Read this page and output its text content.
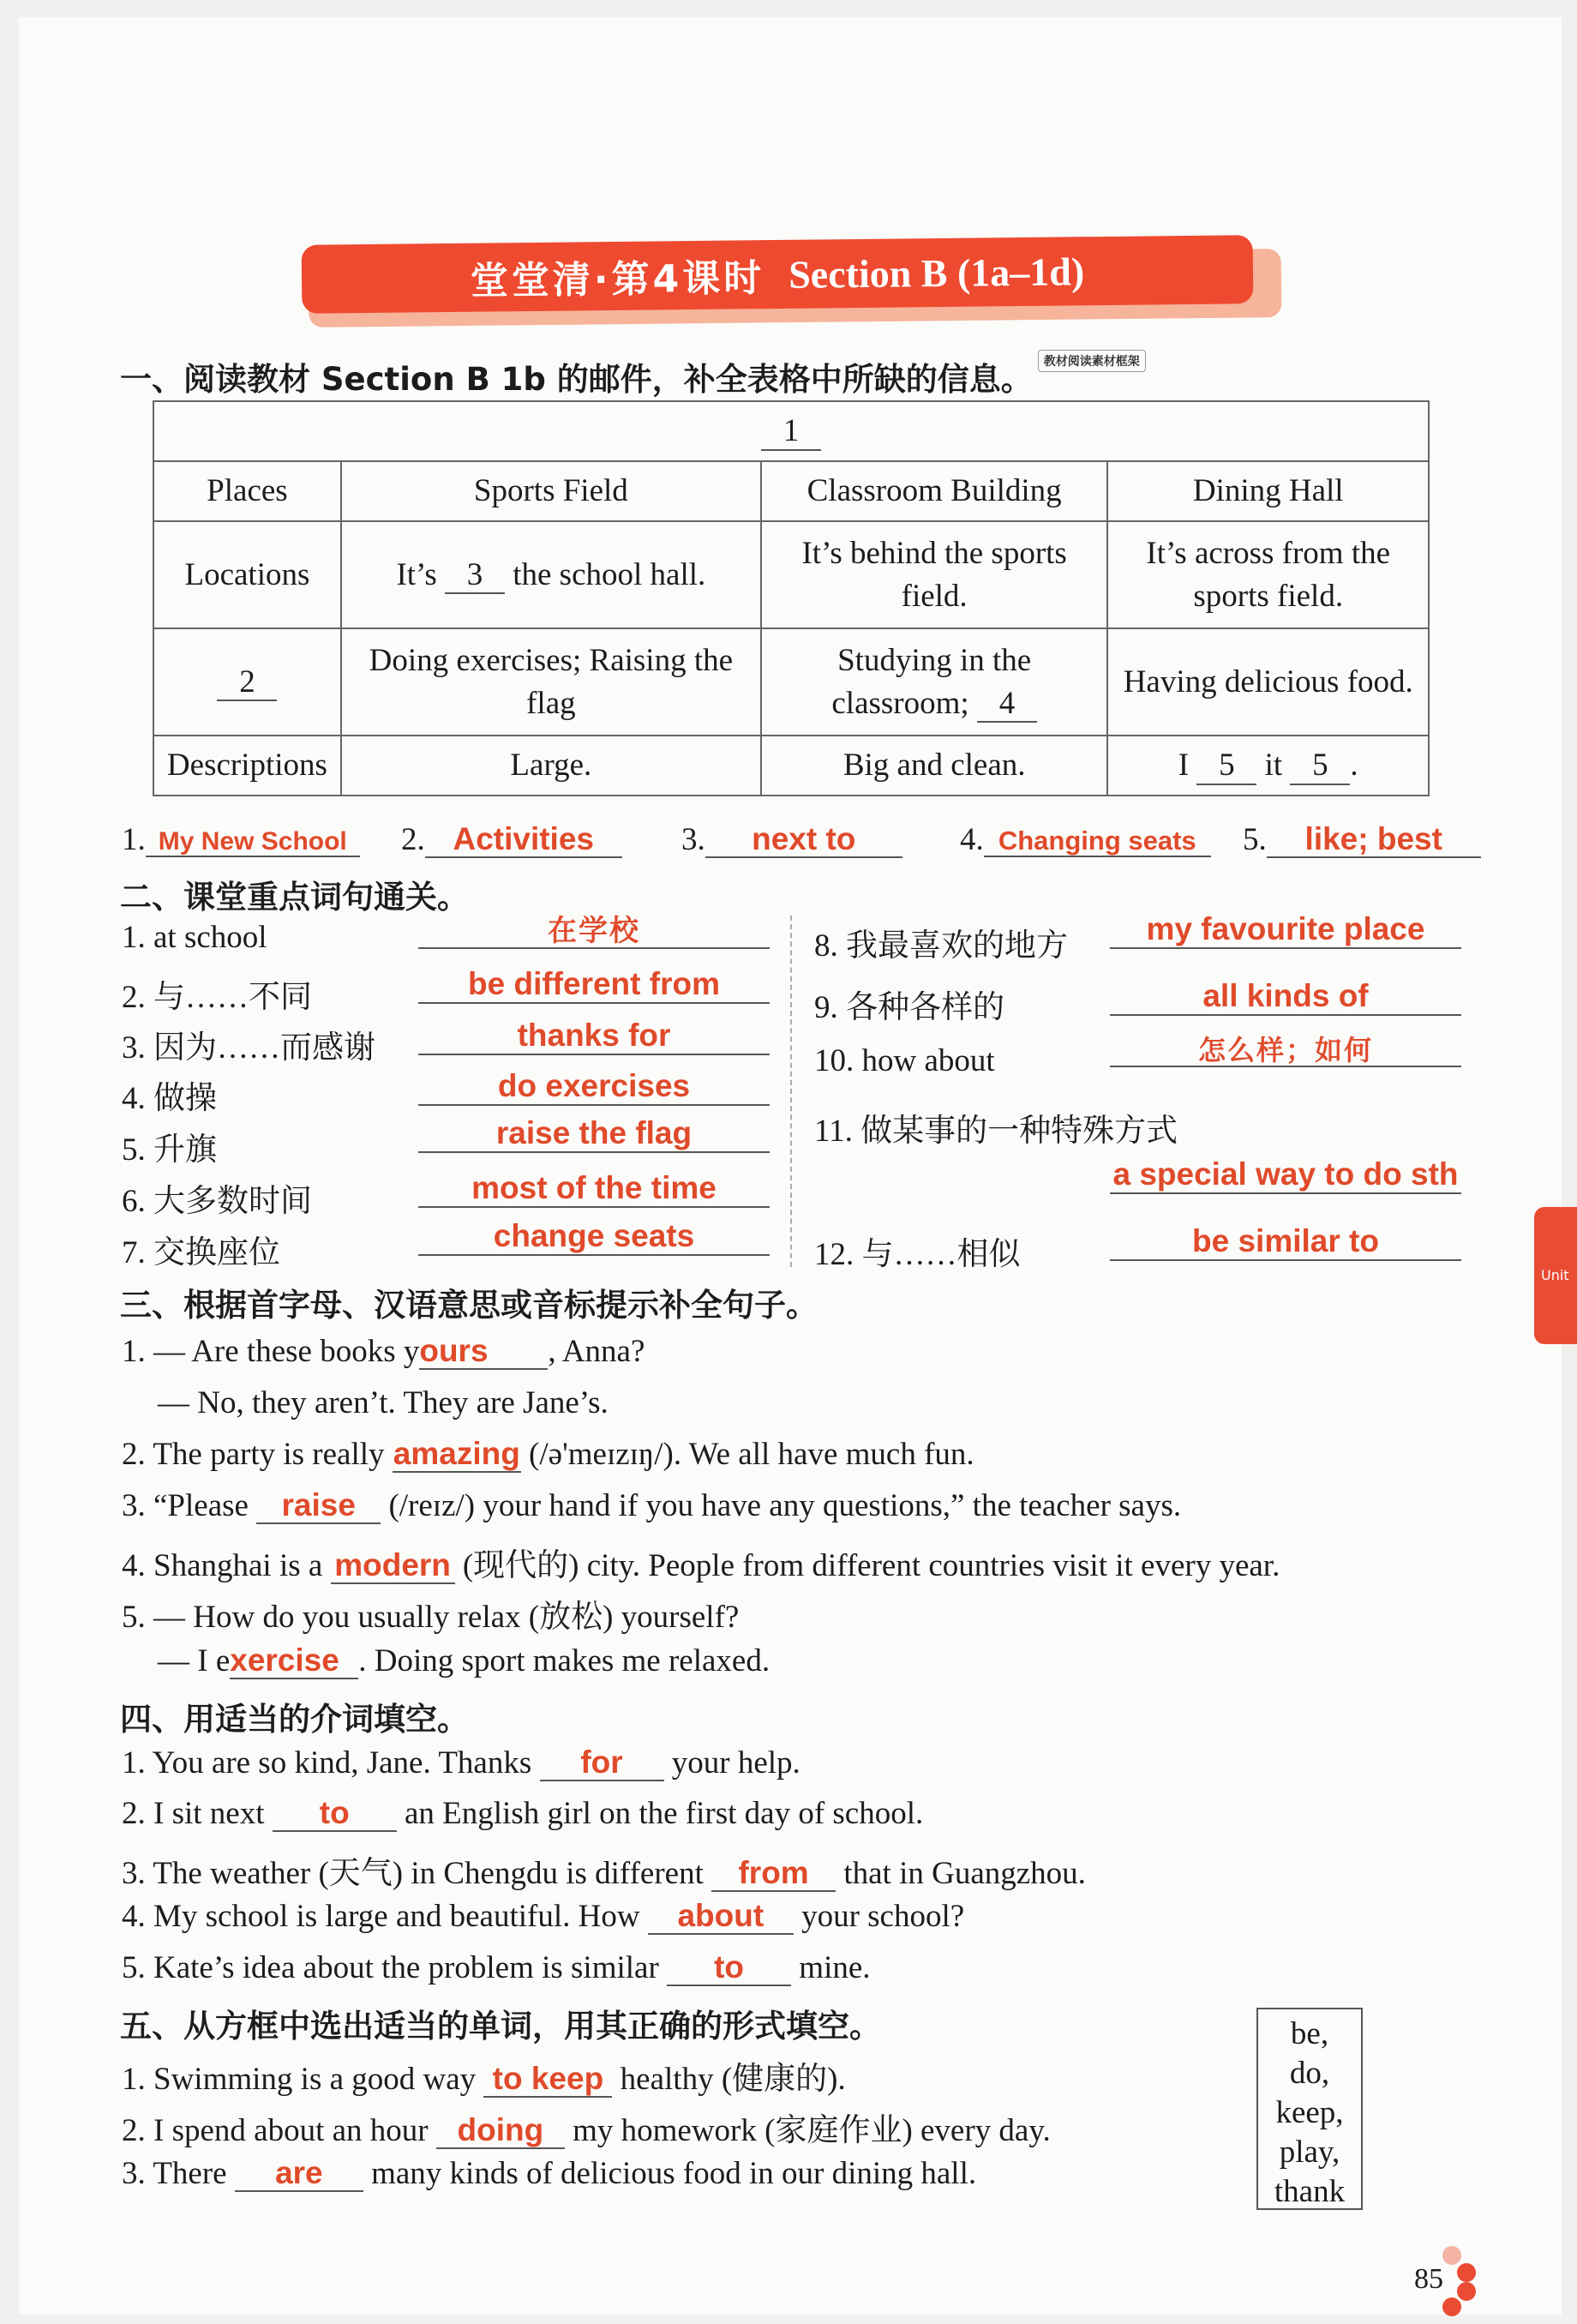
堂堂清·第4课时 Section B (1a–1d)
一、阅读教材 Section B 1b 的邮件，补全表格中所缺的信息。 教材阅读素材框架
1			
Places	Sports Field	Classroom Building	Dining Hall
Locations	It’s 3 the school hall.	It’s behind the sports field.	It’s across from the sports field.
2	Doing exercises; Raising the flag	Studying in the classroom; 4	Having delicious food.
Descriptions	Large.	Big and clean.	I 5 it 5 .
1. My New School	2. Activities	3. next to	4. Changing seats	5. like; best
二、课堂重点词句通关。
1. at school	在学校
2. 与……不同	be different from
3. 因为……而感谢	thanks for
4. 做操	do exercises
5. 升旗	raise the flag
6. 大多数时间	most of the time
7. 交换座位	change seats
8. 我最喜欢的地方	my favourite place
9. 各种各样的	all kinds of
10. how about	怎么样；如何
11. 做某事的一种特殊方式
a special way to do sth
12. 与……相似	be similar to
三、根据首字母、汉语意思或音标提示补全句子。
1. — Are these books yours , Anna?
— No, they aren’t. They are Jane’s.
2. The party is really amazing (/ə'meɪzɪŋ/). We all have much fun.
3. “Please raise (/reɪz/) your hand if you have any questions,” the teacher says.
4. Shanghai is a modern (现代的) city. People from different countries visit it every year.
5. — How do you usually relax (放松) yourself?
— I exercise . Doing sport makes me relaxed.
四、用适当的介词填空。
1. You are so kind, Jane. Thanks for your help.
2. I sit next to an English girl on the first day of school.
3. The weather (天气) in Chengdu is different from that in Guangzhou.
4. My school is large and beautiful. How about your school?
5. Kate’s idea about the problem is similar to mine.
五、从方框中选出适当的单词，用其正确的形式填空。
1. Swimming is a good way to keep healthy (健康的).
2. I spend about an hour doing my homework (家庭作业) every day.
3. There are many kinds of delicious food in our dining hall.
be,
do,
keep,
play,
thank
Unit
85
